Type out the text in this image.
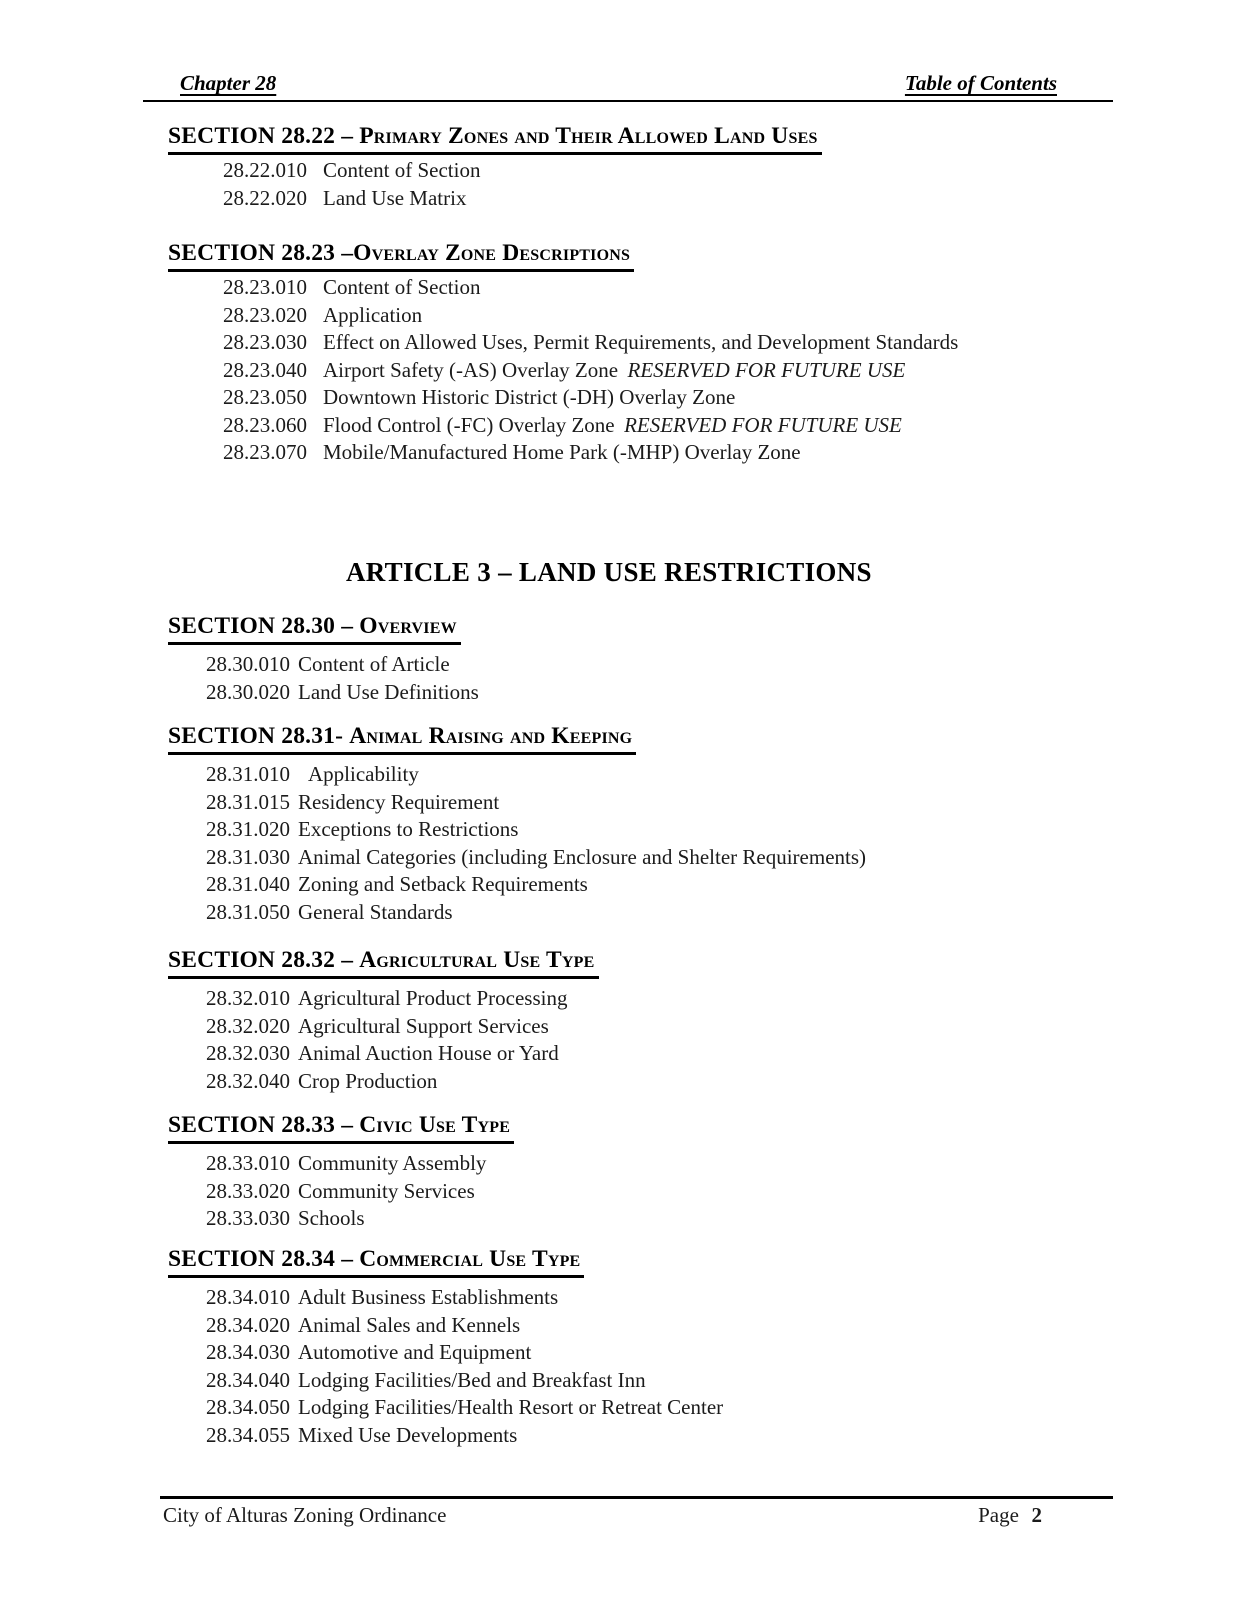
Chapter 28	Table of Contents
SECTION 28.22 – Primary Zones and Their Allowed Land Uses
28.22.010 Content of Section
28.22.020 Land Use Matrix
SECTION 28.23 –Overlay Zone Descriptions
28.23.010 Content of Section
28.23.020 Application
28.23.030 Effect on Allowed Uses, Permit Requirements, and Development Standards
28.23.040 Airport Safety (-AS) Overlay Zone RESERVED FOR FUTURE USE
28.23.050 Downtown Historic District (-DH) Overlay Zone
28.23.060 Flood Control (-FC) Overlay Zone RESERVED FOR FUTURE USE
28.23.070 Mobile/Manufactured Home Park (-MHP) Overlay Zone
ARTICLE 3 – LAND USE RESTRICTIONS
SECTION 28.30 – Overview
28.30.010 Content of Article
28.30.020 Land Use Definitions
SECTION 28.31- Animal Raising and Keeping
28.31.010 Applicability
28.31.015 Residency Requirement
28.31.020 Exceptions to Restrictions
28.31.030 Animal Categories (including Enclosure and Shelter Requirements)
28.31.040 Zoning and Setback Requirements
28.31.050 General Standards
SECTION 28.32 – Agricultural Use Type
28.32.010 Agricultural Product Processing
28.32.020 Agricultural Support Services
28.32.030 Animal Auction House or Yard
28.32.040 Crop Production
SECTION 28.33 – Civic Use Type
28.33.010 Community Assembly
28.33.020 Community Services
28.33.030 Schools
SECTION 28.34 – Commercial Use Type
28.34.010 Adult Business Establishments
28.34.020 Animal Sales and Kennels
28.34.030 Automotive and Equipment
28.34.040 Lodging Facilities/Bed and Breakfast Inn
28.34.050 Lodging Facilities/Health Resort or Retreat Center
28.34.055 Mixed Use Developments
City of Alturas Zoning Ordinance	Page 2
